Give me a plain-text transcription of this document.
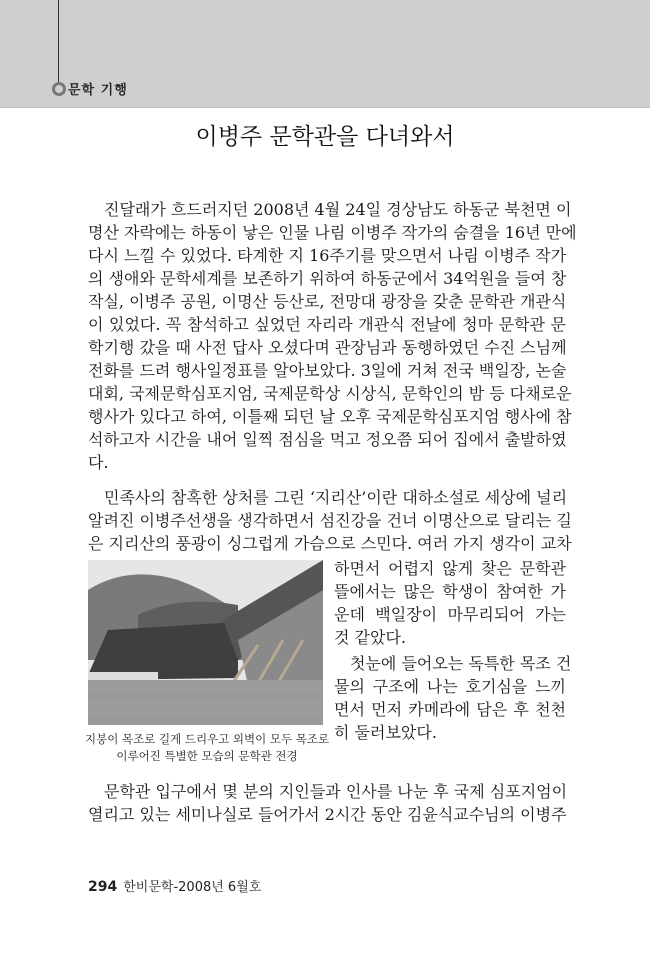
문학 기행
이병주 문학관을 다녀와서
진달래가 흐드러지던 2008년 4월 24일 경상남도 하동군 북천면 이
명산 자락에는 하동이 낳은 인물 나림 이병주 작가의 숨결을 16년 만에
다시 느낄 수 있었다. 타계한 지 16주기를 맞으면서 나림 이병주 작가
의 생애와 문학세계를 보존하기 위하여 하동군에서 34억원을 들여 창
작실, 이병주 공원, 이명산 등산로, 전망대 광장을 갖춘 문학관 개관식
이 있었다. 꼭 참석하고 싶었던 자리라 개관식 전날에 청마 문학관 문
학기행 갔을 때 사전 답사 오셨다며 관장님과 동행하였던 수진 스님께
전화를 드려 행사일정표를 알아보았다. 3일에 거쳐 전국 백일장, 논술
대회, 국제문학심포지엄, 국제문학상 시상식, 문학인의 밤 등 다채로운
행사가 있다고 하여, 이틀째 되던 날 오후 국제문학심포지엄 행사에 참
석하고자 시간을 내어 일찍 점심을 먹고 정오쯤 되어 집에서 출발하였
다.
민족사의 참혹한 상처를 그린 ‘지리산’이란 대하소설로 세상에 널리
알려진 이병주선생을 생각하면서 섬진강을 건너 이명산으로 달리는 길
은 지리산의 풍광이 싱그럽게 가슴으로 스민다. 여러 가지 생각이 교차
하면서 어렵지 않게 찾은 문학관
뜰에서는 많은 학생이 참여한 가
운데 백일장이 마무리되어 가는
것 같았다.
첫눈에 들어오는 독특한 목조 건
물의 구조에 나는 호기심을 느끼
면서 먼저 카메라에 담은 후 천천
히 둘러보았다.
지붕이 목조로 길게 드리우고 외벽이 모두 목조로
이루어진 특별한 모습의 문학관 전경
문학관 입구에서 몇 분의 지인들과 인사를 나눈 후 국제 심포지엄이
열리고 있는 세미나실로 들어가서 2시간 동안 김윤식교수님의 이병주
294 한비문학-2008년 6월호
